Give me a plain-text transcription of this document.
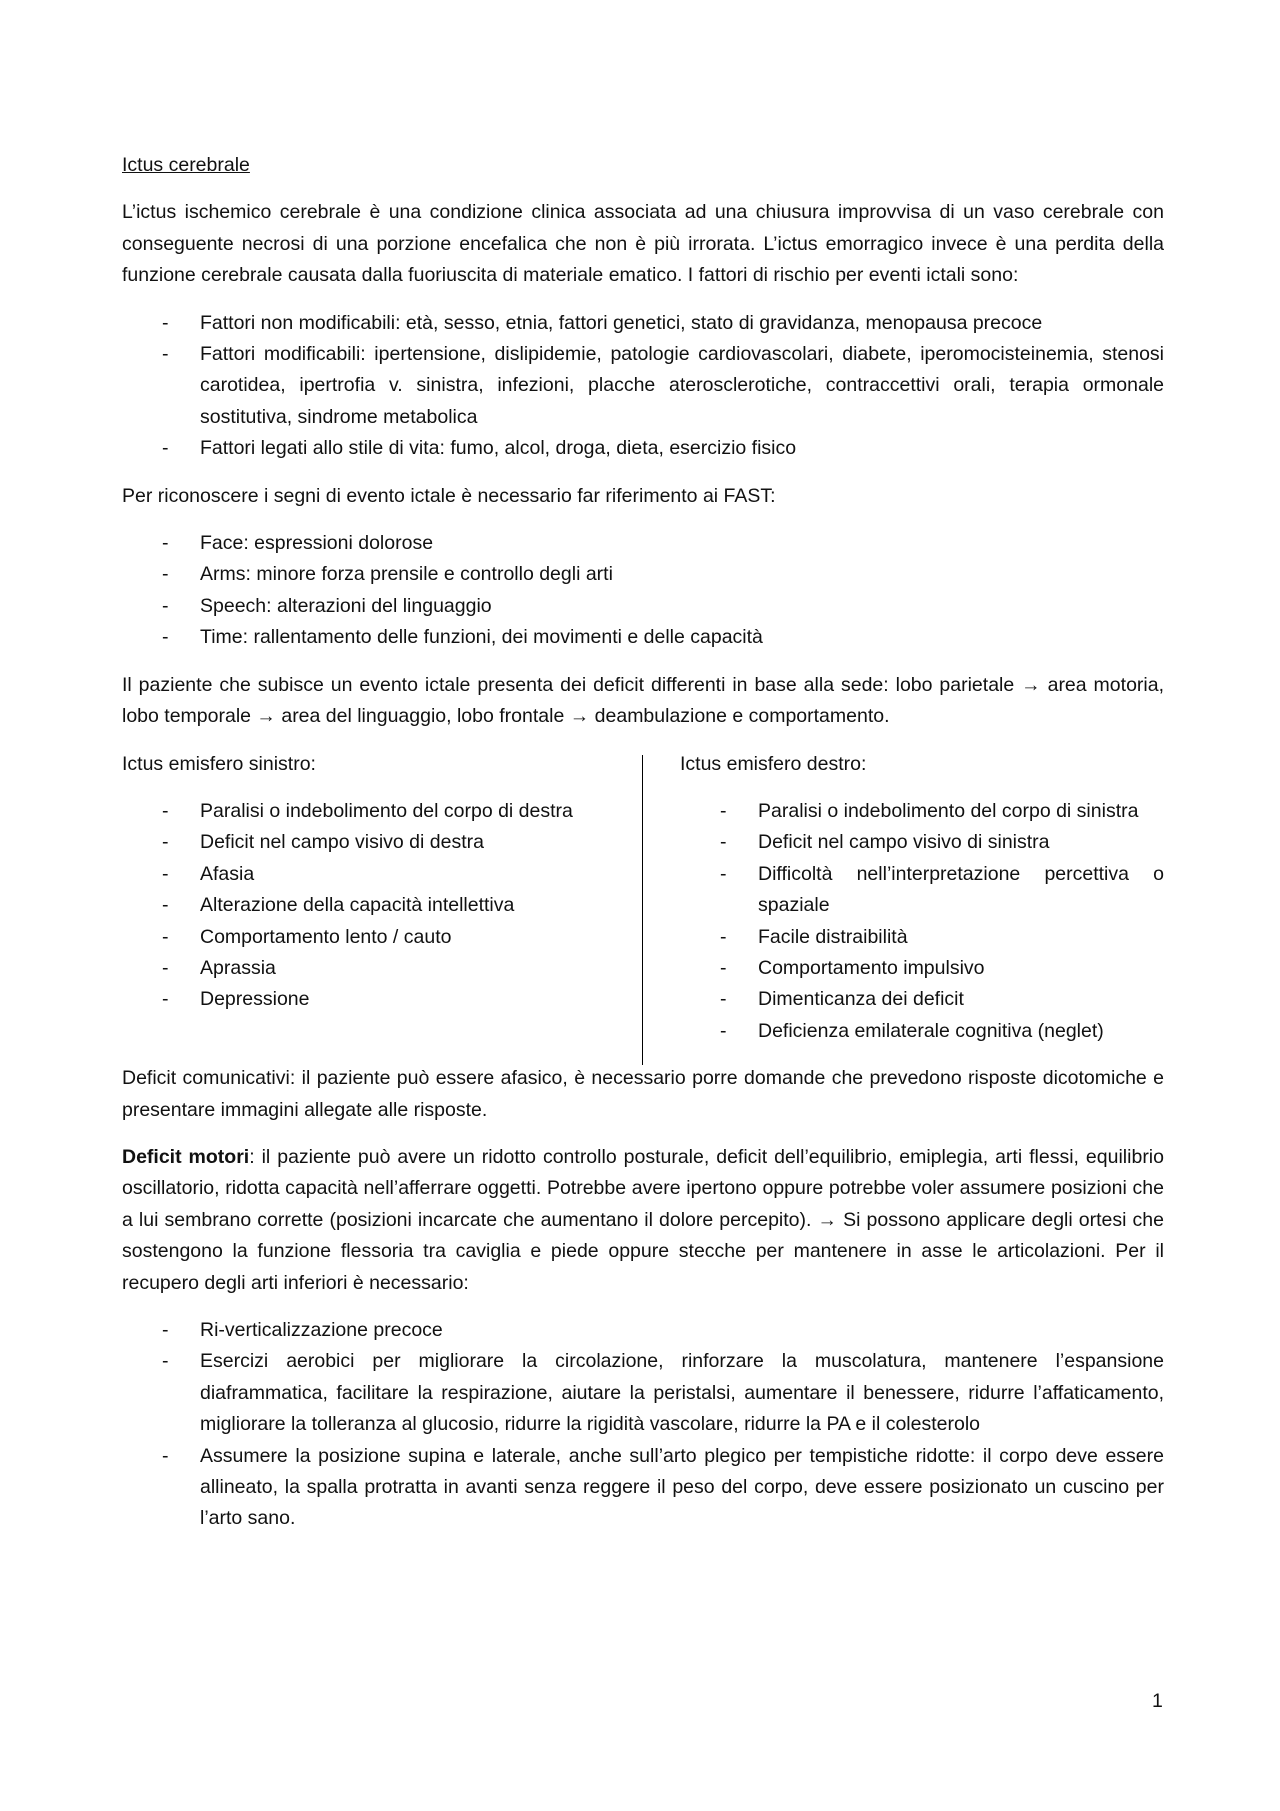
Ictus cerebrale

L’ictus ischemico cerebrale è una condizione clinica associata ad una chiusura improvvisa di un vaso cerebrale con conseguente necrosi di una porzione encefalica che non è più irrorata. L’ictus emorragico invece è una perdita della funzione cerebrale causata dalla fuoriuscita di materiale ematico. I fattori di rischio per eventi ictali sono:

- Fattori non modificabili: età, sesso, etnia, fattori genetici, stato di gravidanza, menopausa precoce
- Fattori modificabili: ipertensione, dislipidemie, patologie cardiovascolari, diabete, iperomocisteinemia, stenosi carotidea, ipertrofia v. sinistra, infezioni, placche aterosclerotiche, contraccettivi orali, terapia ormonale sostitutiva, sindrome metabolica
- Fattori legati allo stile di vita: fumo, alcol, droga, dieta, esercizio fisico

Per riconoscere i segni di evento ictale è necessario far riferimento ai FAST:

- Face: espressioni dolorose
- Arms: minore forza prensile e controllo degli arti
- Speech: alterazioni del linguaggio
- Time: rallentamento delle funzioni, dei movimenti e delle capacità

Il paziente che subisce un evento ictale presenta dei deficit differenti in base alla sede: lobo parietale → area motoria, lobo temporale → area del linguaggio, lobo frontale → deambulazione e comportamento.

Ictus emisfero sinistro:

- Paralisi o indebolimento del corpo di destra
- Deficit nel campo visivo di destra
- Afasia
- Alterazione della capacità intellettiva
- Comportamento lento / cauto
- Aprassia
- Depressione

Ictus emisfero destro:

- Paralisi o indebolimento del corpo di sinistra
- Deficit nel campo visivo di sinistra
- Difficoltà nell’interpretazione percettiva o spaziale
- Facile distraibilità
- Comportamento impulsivo
- Dimenticanza dei deficit
- Deficienza emilaterale cognitiva (neglet)

Deficit comunicativi: il paziente può essere afasico, è necessario porre domande che prevedono risposte dicotomiche e presentare immagini allegate alle risposte.

Deficit motori: il paziente può avere un ridotto controllo posturale, deficit dell’equilibrio, emiplegia, arti flessi, equilibrio oscillatorio, ridotta capacità nell’afferrare oggetti. Potrebbe avere ipertono oppure potrebbe voler assumere posizioni che a lui sembrano corrette (posizioni incarcate che aumentano il dolore percepito). → Si possono applicare degli ortesi che sostengono la funzione flessoria tra caviglia e piede oppure stecche per mantenere in asse le articolazioni. Per il recupero degli arti inferiori è necessario:

- Ri-verticalizzazione precoce
- Esercizi aerobici per migliorare la circolazione, rinforzare la muscolatura, mantenere l’espansione diaframmatica, facilitare la respirazione, aiutare la peristalsi, aumentare il benessere, ridurre l’affaticamento, migliorare la tolleranza al glucosio, ridurre la rigidità vascolare, ridurre la PA e il colesterolo
- Assumere la posizione supina e laterale, anche sull’arto plegico per tempistiche ridotte: il corpo deve essere allineato, la spalla protratta in avanti senza reggere il peso del corpo, deve essere posizionato un cuscino per l’arto sano.
1
